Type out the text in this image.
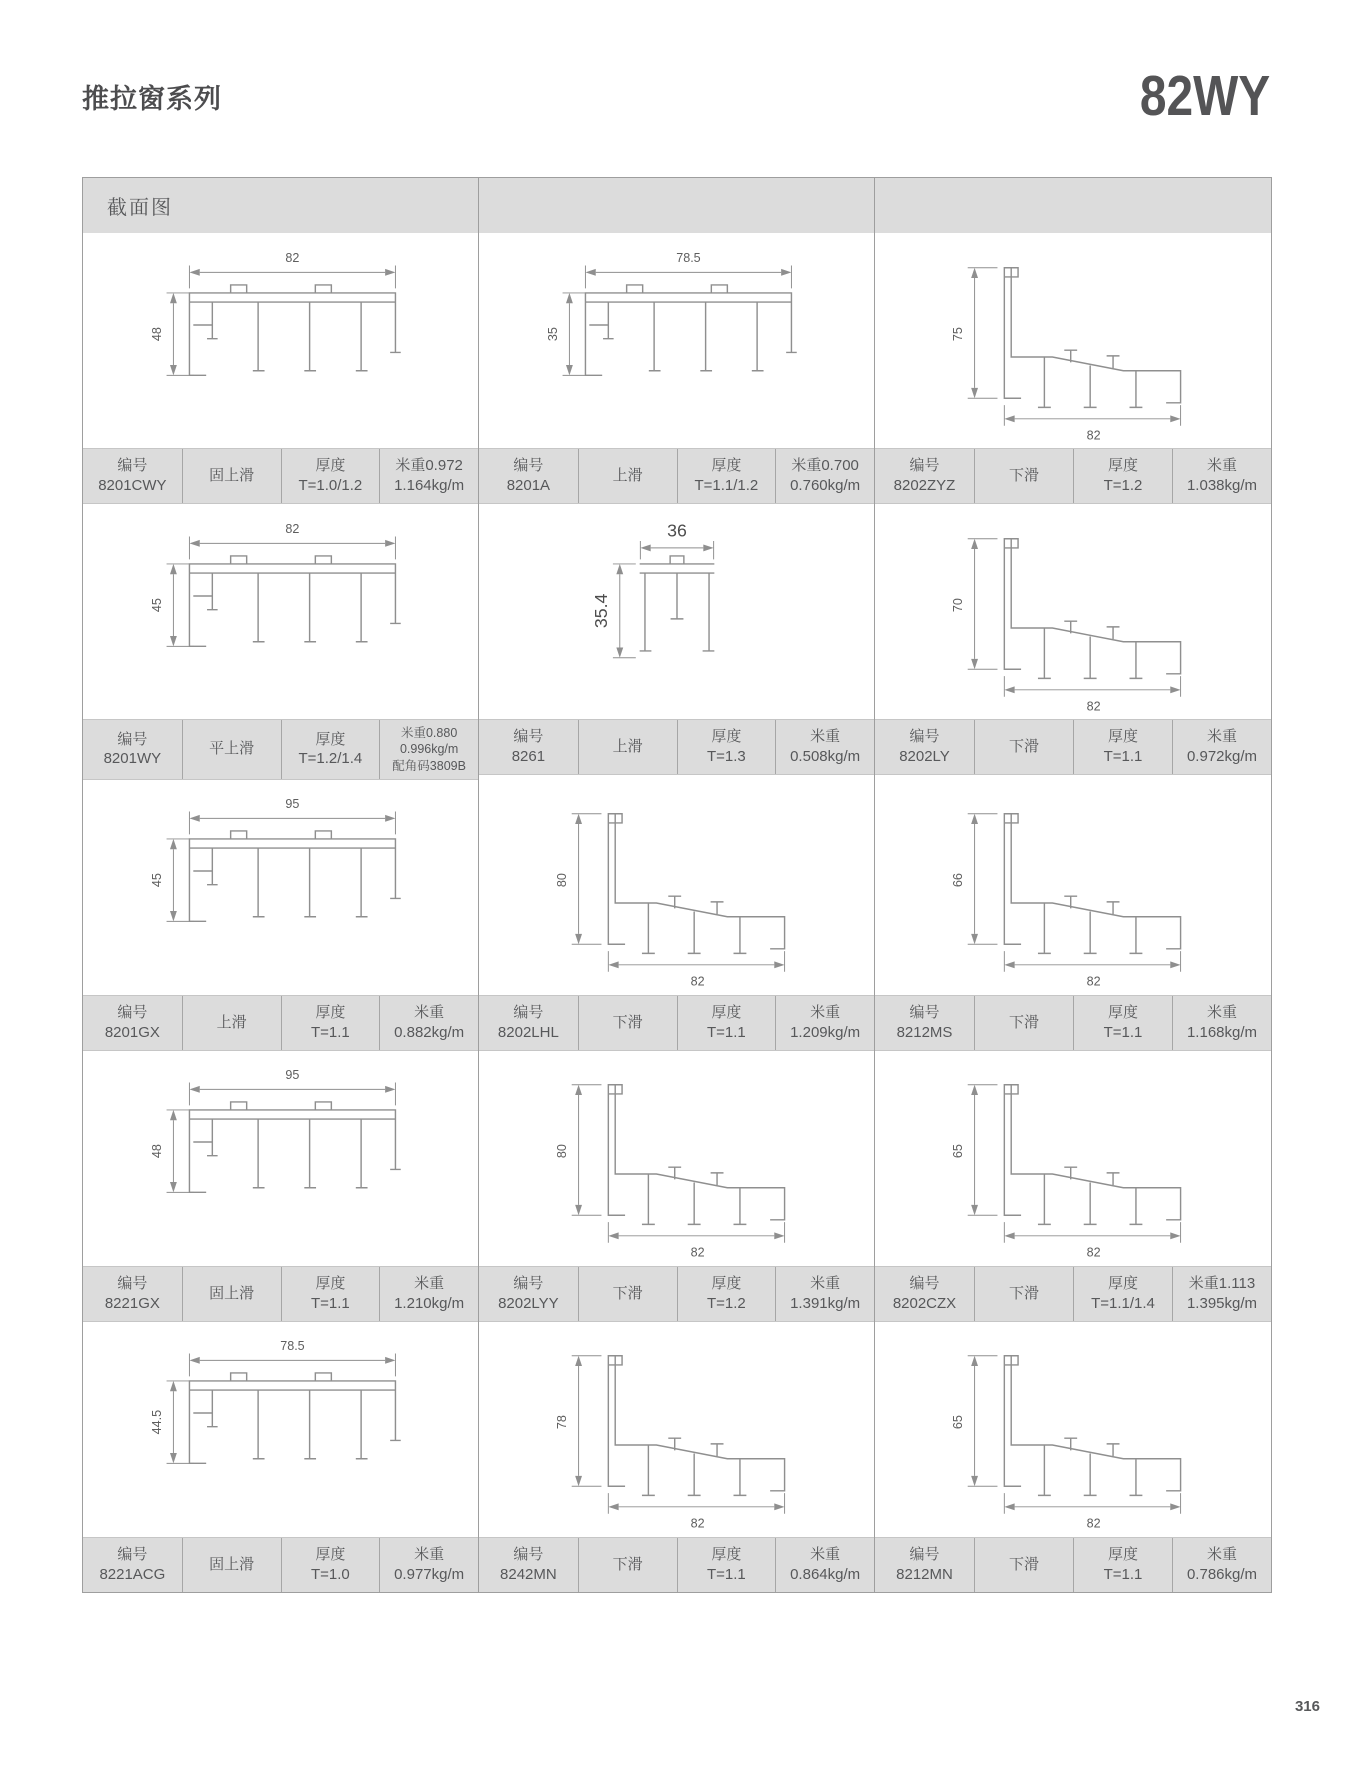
推拉窗系列	82WY
截面图
82
48
编号
8201CWY
固上滑
厚度
T=1.0/1.2
米重0.972
1.164kg/m
78.5
35
编号
8201A
上滑
厚度
T=1.1/1.2
米重0.700
0.760kg/m
75
82
编号
8202ZYZ
下滑
厚度
T=1.2
米重
1.038kg/m
82
45
编号
8201WY
平上滑
厚度
T=1.2/1.4
米重0.880
0.996kg/m
配角码3809B
36
35.4
编号
8261
上滑
厚度
T=1.3
米重
0.508kg/m
70
82
编号
8202LY
下滑
厚度
T=1.1
米重
0.972kg/m
95
45
编号
8201GX
上滑
厚度
T=1.1
米重
0.882kg/m
80
82
编号
8202LHL
下滑
厚度
T=1.1
米重
1.209kg/m
66
82
编号
8212MS
下滑
厚度
T=1.1
米重
1.168kg/m
95
48
编号
8221GX
固上滑
厚度
T=1.1
米重
1.210kg/m
80
82
编号
8202LYY
下滑
厚度
T=1.2
米重
1.391kg/m
65
82
编号
8202CZX
下滑
厚度
T=1.1/1.4
米重1.113
1.395kg/m
78.5
44.5
编号
8221ACG
固上滑
厚度
T=1.0
米重
0.977kg/m
78
82
编号
8242MN
下滑
厚度
T=1.1
米重
0.864kg/m
65
82
编号
8212MN
下滑
厚度
T=1.1
米重
0.786kg/m
316
